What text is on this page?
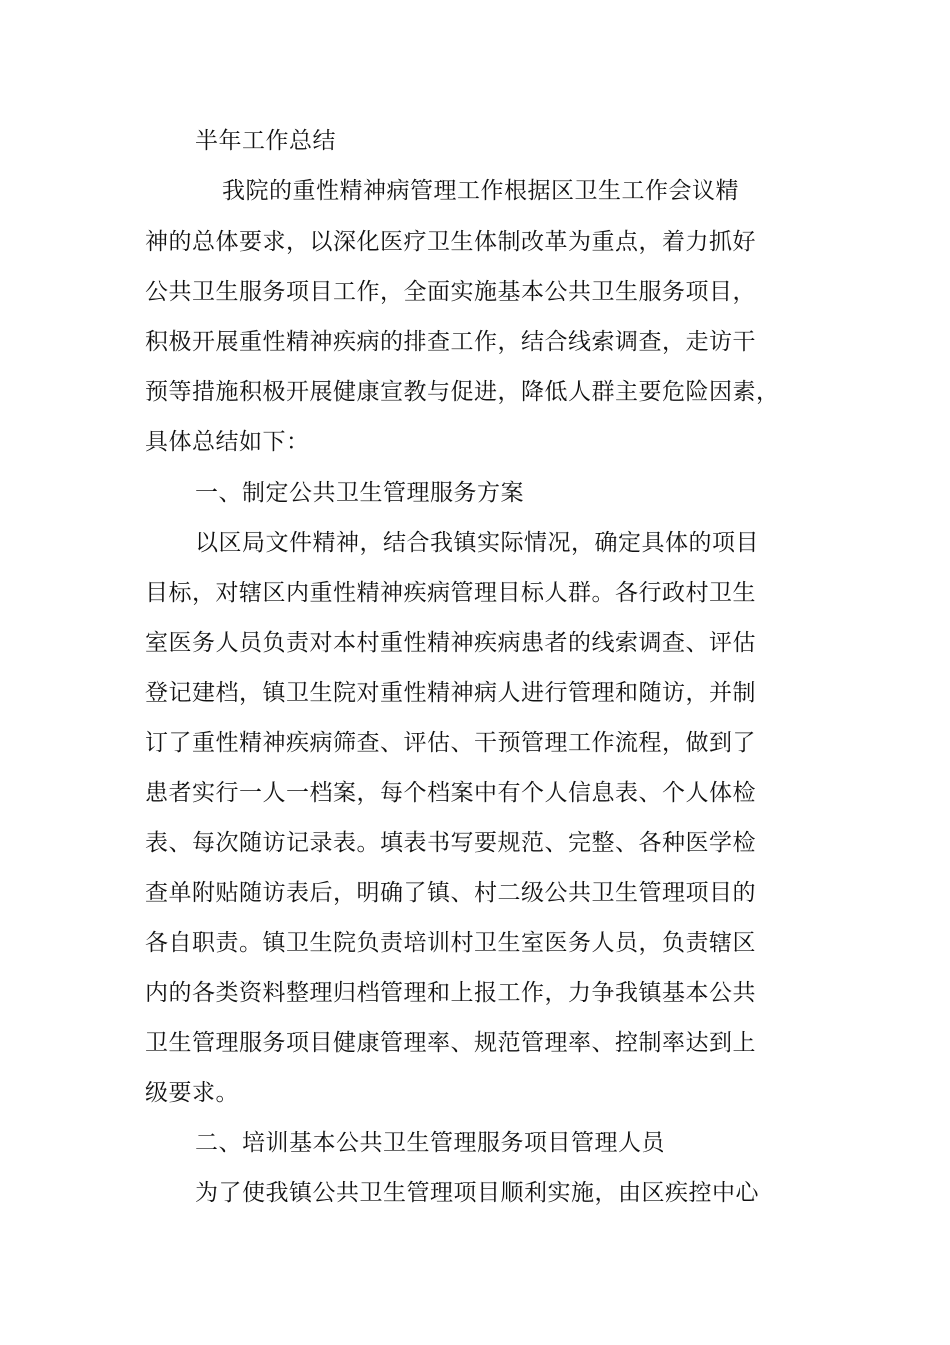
半年工作总结
我院的重性精神病管理工作根据区卫生工作会议精
神的总体要求，以深化医疗卫生体制改革为重点，着力抓好
公共卫生服务项目工作，全面实施基本公共卫生服务项目，
积极开展重性精神疾病的排查工作，结合线索调查，走访干
预等措施积极开展健康宣教与促进，降低人群主要危险因素，
具体总结如下：
一、制定公共卫生管理服务方案
以区局文件精神，结合我镇实际情况，确定具体的项目
目标，对辖区内重性精神疾病管理目标人群。各行政村卫生
室医务人员负责对本村重性精神疾病患者的线索调查、评估
登记建档，镇卫生院对重性精神病人进行管理和随访，并制
订了重性精神疾病筛查、评估、干预管理工作流程，做到了
患者实行一人一档案，每个档案中有个人信息表、个人体检
表、每次随访记录表。填表书写要规范、完整、各种医学检
查单附贴随访表后，明确了镇、村二级公共卫生管理项目的
各自职责。镇卫生院负责培训村卫生室医务人员，负责辖区
内的各类资料整理归档管理和上报工作，力争我镇基本公共
卫生管理服务项目健康管理率、规范管理率、控制率达到上
级要求。
二、培训基本公共卫生管理服务项目管理人员
为了使我镇公共卫生管理项目顺利实施，由区疾控中心
